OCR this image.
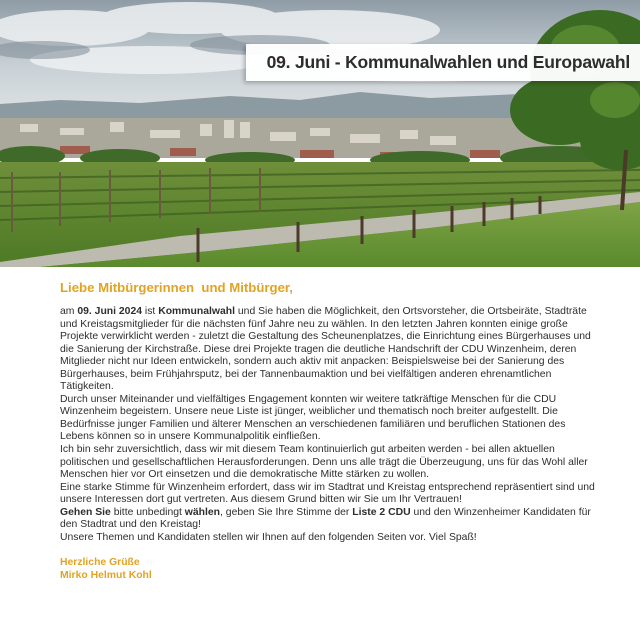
09. Juni - Kommunalwahlen und Europawahl
Liebe Mitbürgerinnen  und Mitbürger,

am 09. Juni 2024 ist Kommunalwahl und Sie haben die Möglichkeit, den Ortsvorsteher, die Ortsbeiräte, Stadträte und Kreistagsmitglieder für die nächsten fünf Jahre neu zu wählen. In den letzten Jahren konnten einige große Projekte verwirklicht werden - zuletzt die Gestaltung des Scheunenplatzes, die Einrichtung eines Bürgerhauses und die Sanierung der Kirchstraße. Diese drei Projekte tragen die deutliche Handschrift der CDU Winzenheim, deren Mitglieder nicht nur Ideen entwickeln, sondern auch aktiv mit anpacken: Beispielsweise bei der Sanierung des Bürgerhauses, beim Frühjahrsputz, bei der Tannenbaumaktion und bei vielfältigen anderen ehrenamtlichen Tätigkeiten.

Durch unser Miteinander und vielfältiges Engagement konnten wir weitere tatkräftige Menschen für die CDU Winzenheim begeistern. Unsere neue Liste ist jünger, weiblicher und thematisch noch breiter aufgestellt. Die Bedürfnisse junger Familien und älterer Menschen an verschiedenen familiären und beruflichen Stationen des Lebens können so in unsere Kommunalpolitik einfließen.

Ich bin sehr zuversichtlich, dass wir mit diesem Team kontinuierlich gut arbeiten werden - bei allen aktuellen politischen und gesellschaftlichen Herausforderungen. Denn uns alle trägt die Überzeugung, uns für das Wohl aller Menschen hier vor Ort einsetzen und die demokratische Mitte stärken zu wollen.

Eine starke Stimme für Winzenheim erfordert, dass wir im Stadtrat und Kreistag entsprechend repräsentiert sind und unsere Interessen dort gut vertreten. Aus diesem Grund bitten wir Sie um Ihr Vertrauen!

Gehen Sie bitte unbedingt wählen, geben Sie Ihre Stimme der Liste 2 CDU und den Winzenheimer Kandidaten für den Stadtrat und den Kreistag!

Unsere Themen und Kandidaten stellen wir Ihnen auf den folgenden Seiten vor. Viel Spaß!

Herzliche Grüße
Mirko Helmut Kohl
